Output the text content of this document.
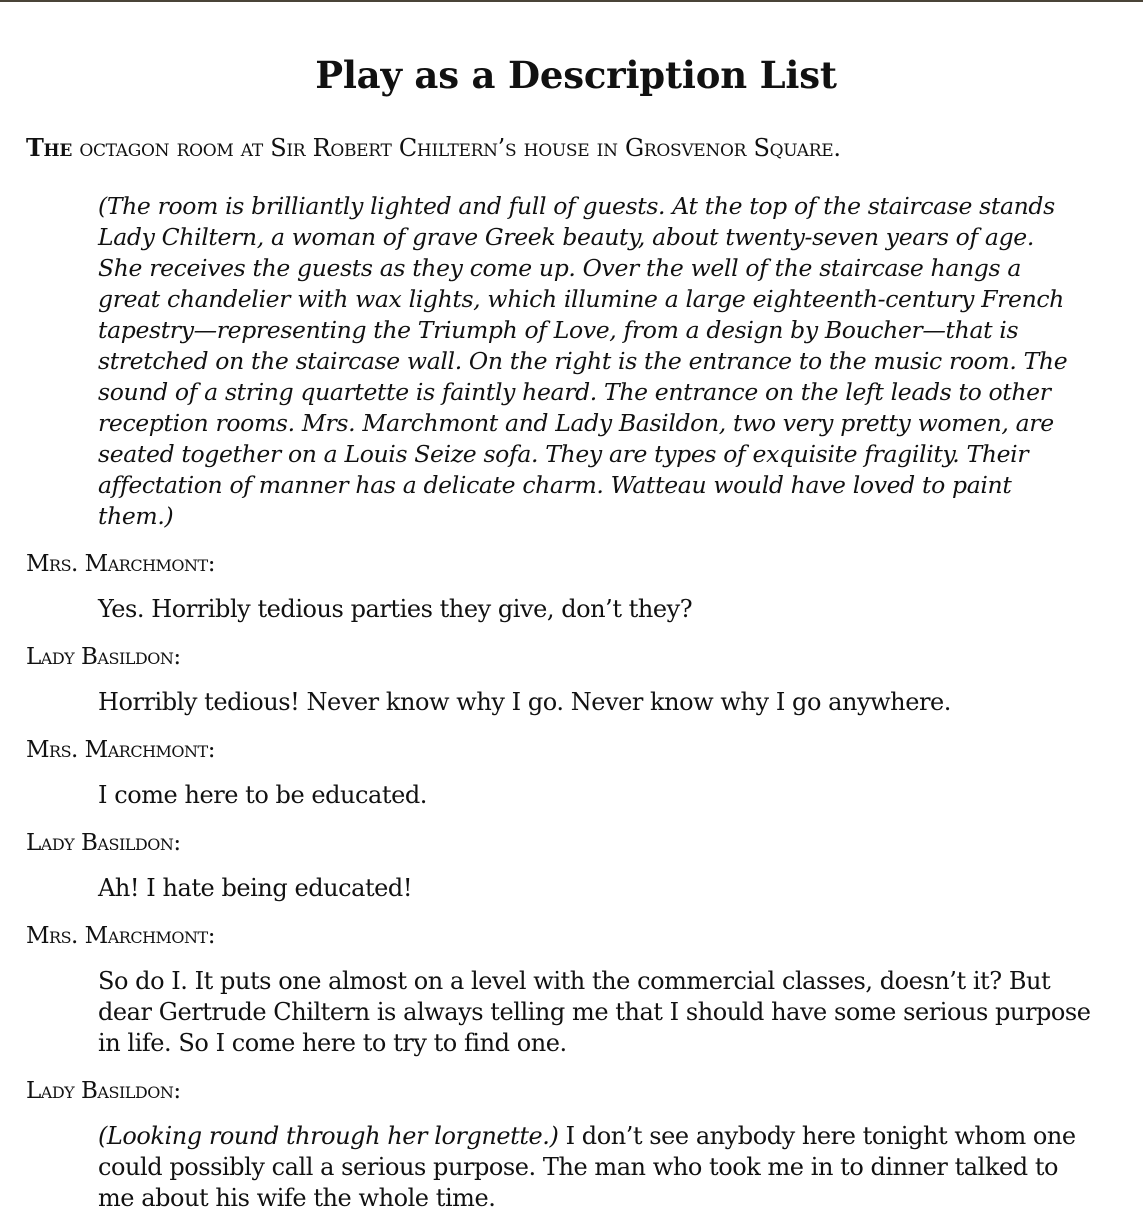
Play as a Description List

The octagon room at Sir Robert Chiltern’s house in Grosvenor Square.

(The room is brilliantly lighted and full of guests. At the top of the staircase stands
Lady Chiltern, a woman of grave Greek beauty, about twenty-seven years of age.
She receives the guests as they come up. Over the well of the staircase hangs a
great chandelier with wax lights, which illumine a large eighteenth-century French
tapestry—representing the Triumph of Love, from a design by Boucher—that is
stretched on the staircase wall. On the right is the entrance to the music room. The
sound of a string quartette is faintly heard. The entrance on the left leads to other
reception rooms. Mrs. Marchmont and Lady Basildon, two very pretty women, are
seated together on a Louis Seize sofa. They are types of exquisite fragility. Their
affectation of manner has a delicate charm. Watteau would have loved to paint
them.)
Mrs. Marchmont:
Yes. Horribly tedious parties they give, don’t they?
Lady Basildon:
Horribly tedious! Never know why I go. Never know why I go anywhere.
Mrs. Marchmont:
I come here to be educated.
Lady Basildon:
Ah! I hate being educated!
Mrs. Marchmont:
So do I. It puts one almost on a level with the commercial classes, doesn’t it? But
dear Gertrude Chiltern is always telling me that I should have some serious purpose
in life. So I come here to try to find one.
Lady Basildon:
(Looking round through her lorgnette.) I don’t see anybody here tonight whom one
could possibly call a serious purpose. The man who took me in to dinner talked to
me about his wife the whole time.
